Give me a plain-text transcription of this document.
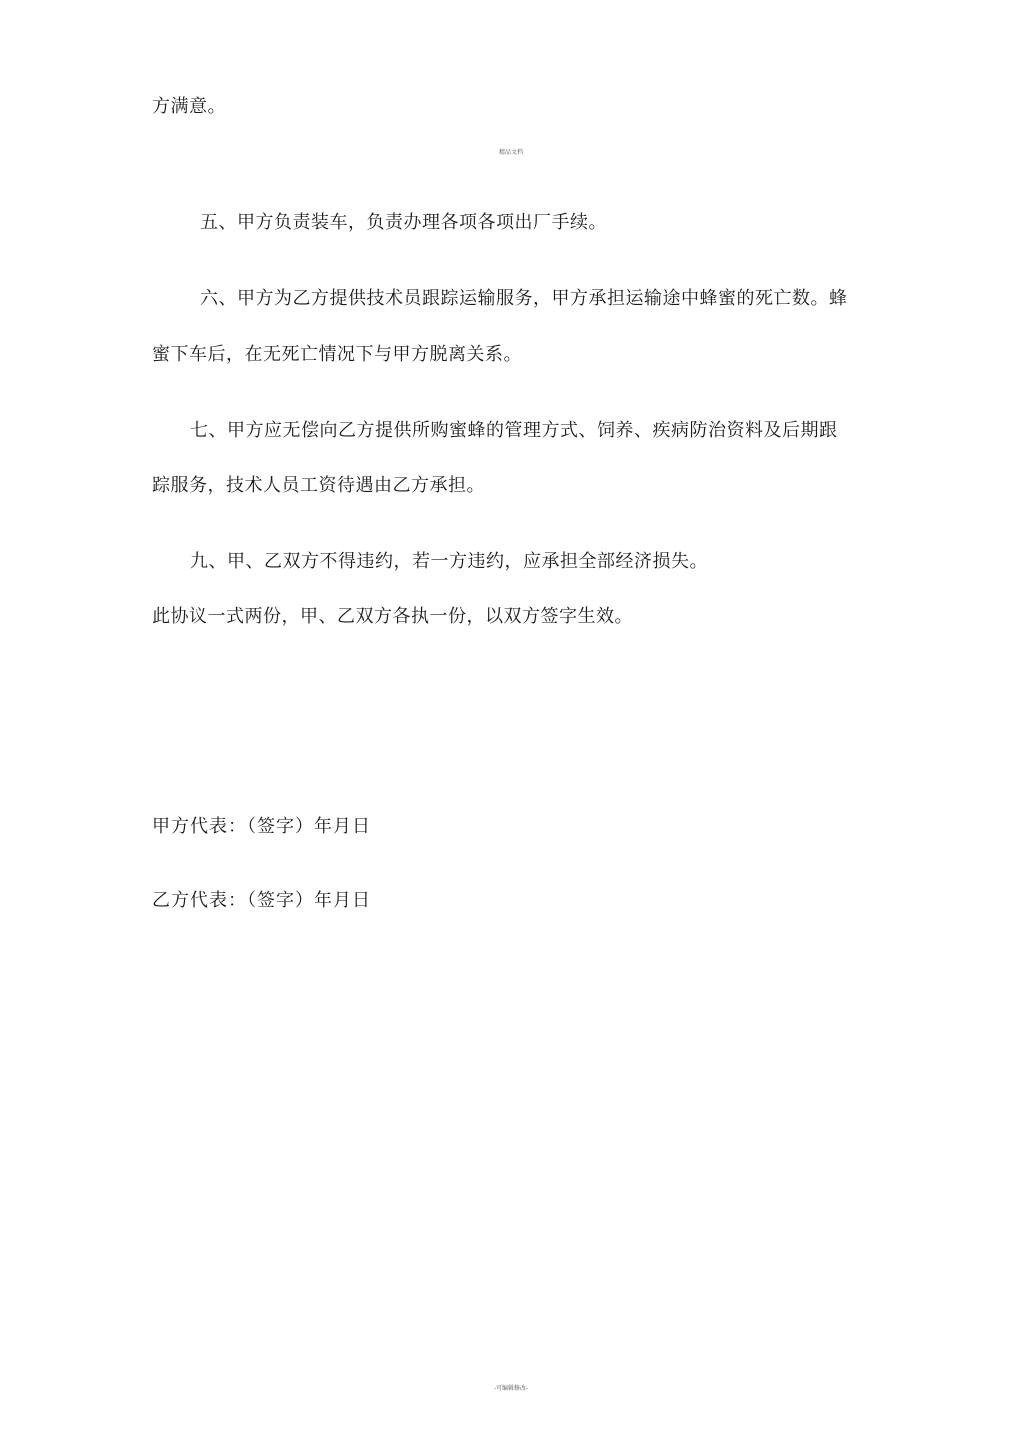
方满意。
精品文档
五、甲方负责装车，负责办理各项各项出厂手续。
六、甲方为乙方提供技术员跟踪运输服务，甲方承担运输途中蜂蜜的死亡数。蜂
蜜下车后，在无死亡情况下与甲方脱离关系。
七、甲方应无偿向乙方提供所购蜜蜂的管理方式、饲养、疾病防治资料及后期跟
踪服务，技术人员工资待遇由乙方承担。
九、甲、乙双方不得违约，若一方违约，应承担全部经济损失。
此协议一式两份，甲、乙双方各执一份，以双方签字生效。
甲方代表：（签字）年月日
乙方代表：（签字）年月日
-可编辑修改-
